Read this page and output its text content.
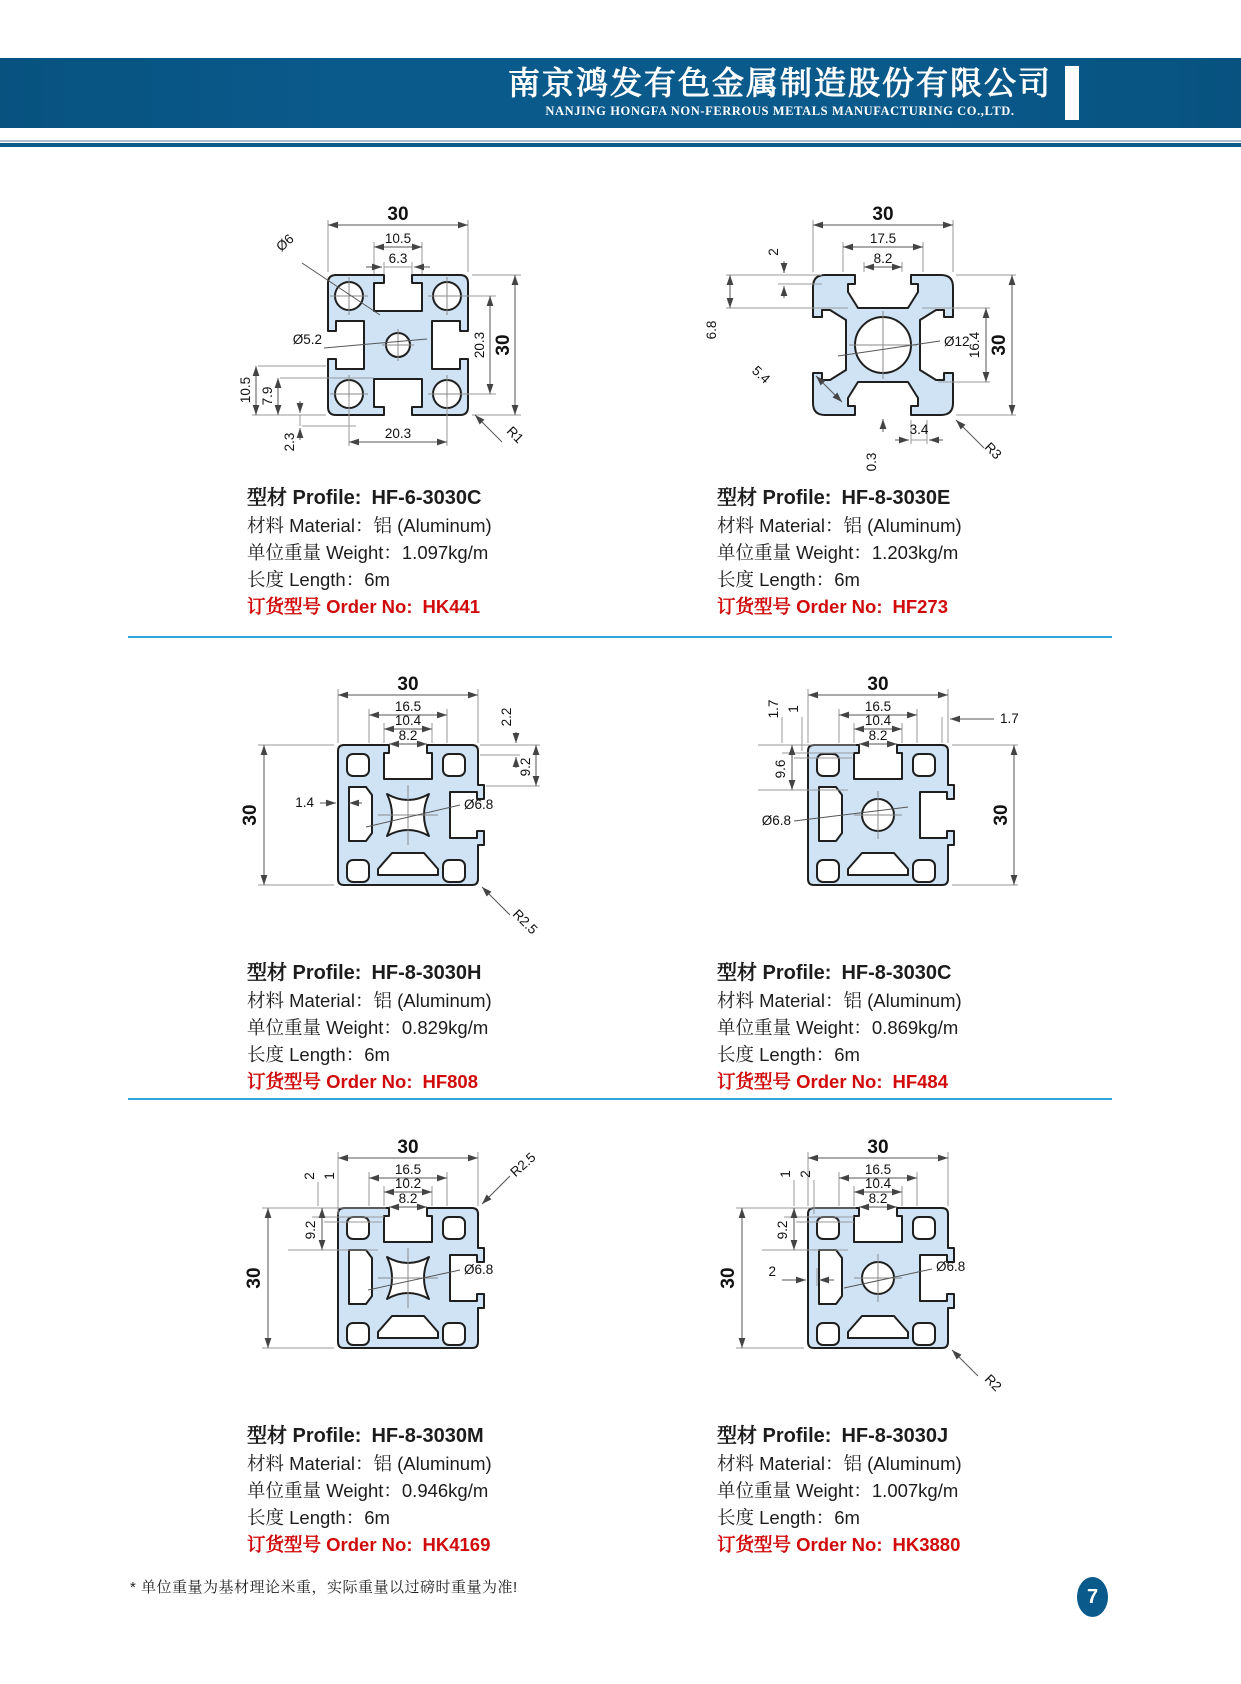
南京鸿发有色金属制造股份有限公司
NANJING HONGFA NON-FERROUS METALS MANUFACTURING CO.,LTD.
30
10.5
6.3
Ø6
Ø5.2	20.3 30
10.5 7.9
2.3	20.3	R1
型材 Profile: HF-6-3030C
材料 Material：铝 (Aluminum)
单位重量 Weight：1.097kg/m
长度 Length：6m
订货型号 Order No: HK441
30
17.5
8.2
2
6.8
5.4
Ø12
16.4 30
3.4
0.3	R3
型材 Profile: HF-8-3030E
材料 Material：铝 (Aluminum)
单位重量 Weight：1.203kg/m
长度 Length：6m
订货型号 Order No: HF273
30
16.5
10.4
8.2
2.2
9.2
1.4
30	Ø6.8
R2.5
型材 Profile: HF-8-3030H
材料 Material：铝 (Aluminum)
单位重量 Weight：0.829kg/m
长度 Length：6m
订货型号 Order No: HF808
30
16.5
10.4
8.2
1.7 1
1.7
9.6
Ø6.8	30
型材 Profile: HF-8-3030C
材料 Material：铝 (Aluminum)
单位重量 Weight：0.869kg/m
长度 Length：6m
订货型号 Order No: HF484
30
16.5
10.2
8.2
R2.5
2 1
9.2
30	Ø6.8
型材 Profile: HF-8-3030M
材料 Material：铝 (Aluminum)
单位重量 Weight：0.946kg/m
长度 Length：6m
订货型号 Order No: HK4169
30
16.5
10.4
8.2
1 2
9.2
30 2	Ø6.8
R2
型材 Profile: HF-8-3030J
材料 Material：铝 (Aluminum)
单位重量 Weight：1.007kg/m
长度 Length：6m
订货型号 Order No: HK3880
* 单位重量为基材理论米重，实际重量以过磅时重量为准!	7
